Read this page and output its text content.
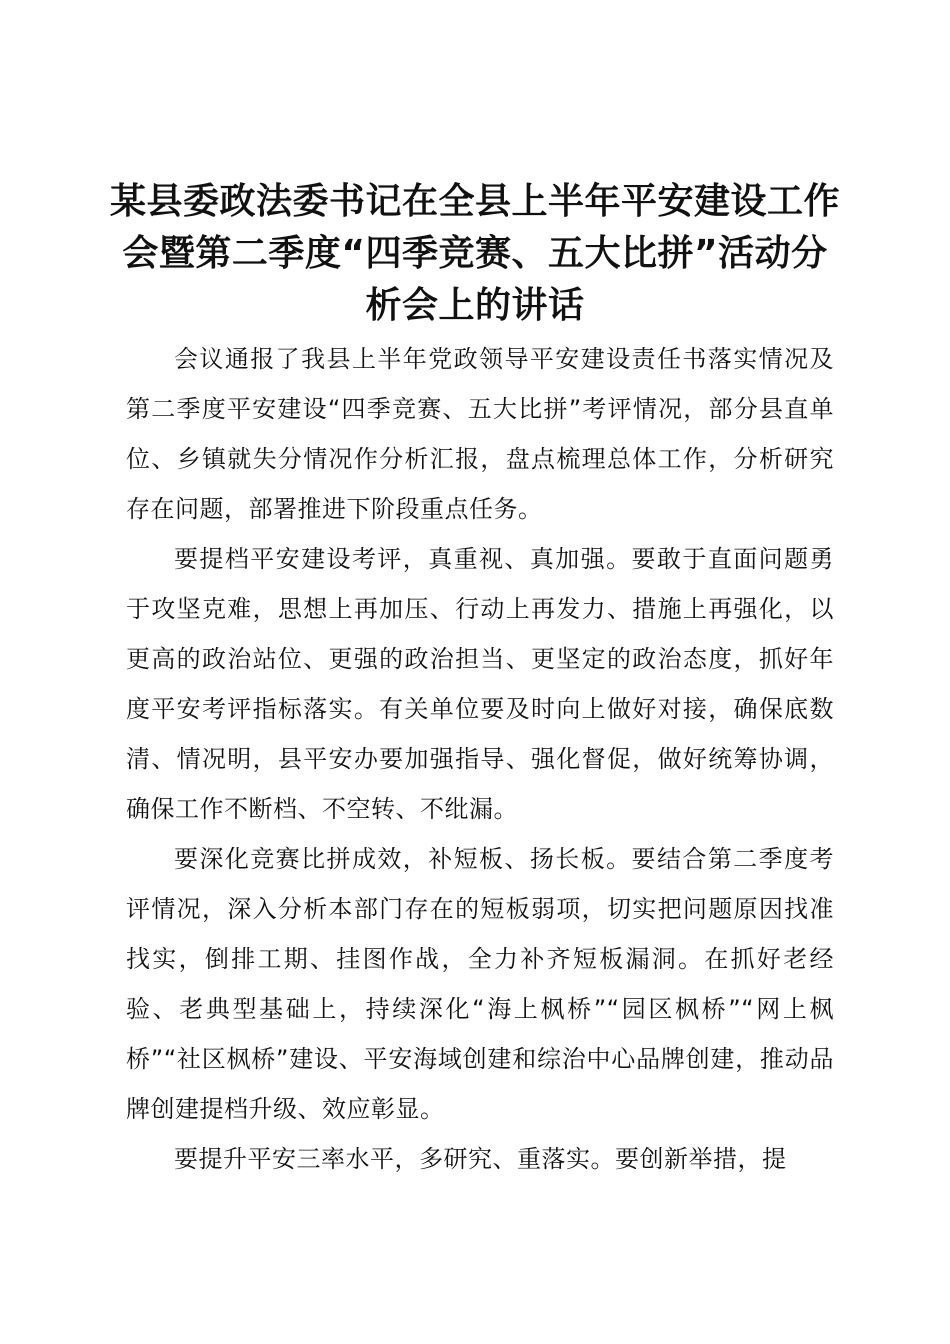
某县委政法委书记在全县上半年平安建设工作会暨第二季度“四季竞赛、五大比拼”活动分析会上的讲话

会议通报了我县上半年党政领导平安建设责任书落实情况及第二季度平安建设“四季竞赛、五大比拼”考评情况，部分县直单位、乡镇就失分情况作分析汇报，盘点梳理总体工作，分析研究存在问题，部署推进下阶段重点任务。

要提档平安建设考评，真重视、真加强。要敢于直面问题勇于攻坚克难，思想上再加压、行动上再发力、措施上再强化，以更高的政治站位、更强的政治担当、更坚定的政治态度，抓好年度平安考评指标落实。有关单位要及时向上做好对接，确保底数清、情况明，县平安办要加强指导、强化督促，做好统筹协调，确保工作不断档、不空转、不纰漏。

要深化竞赛比拼成效，补短板、扬长板。要结合第二季度考评情况，深入分析本部门存在的短板弱项，切实把问题原因找准找实，倒排工期、挂图作战，全力补齐短板漏洞。在抓好老经验、老典型基础上，持续深化“海上枫桥”“园区枫桥”“网上枫桥”“社区枫桥”建设、平安海域创建和综治中心品牌创建，推动品牌创建提档升级、效应彰显。

要提升平安三率水平，多研究、重落实。要创新举措，提
